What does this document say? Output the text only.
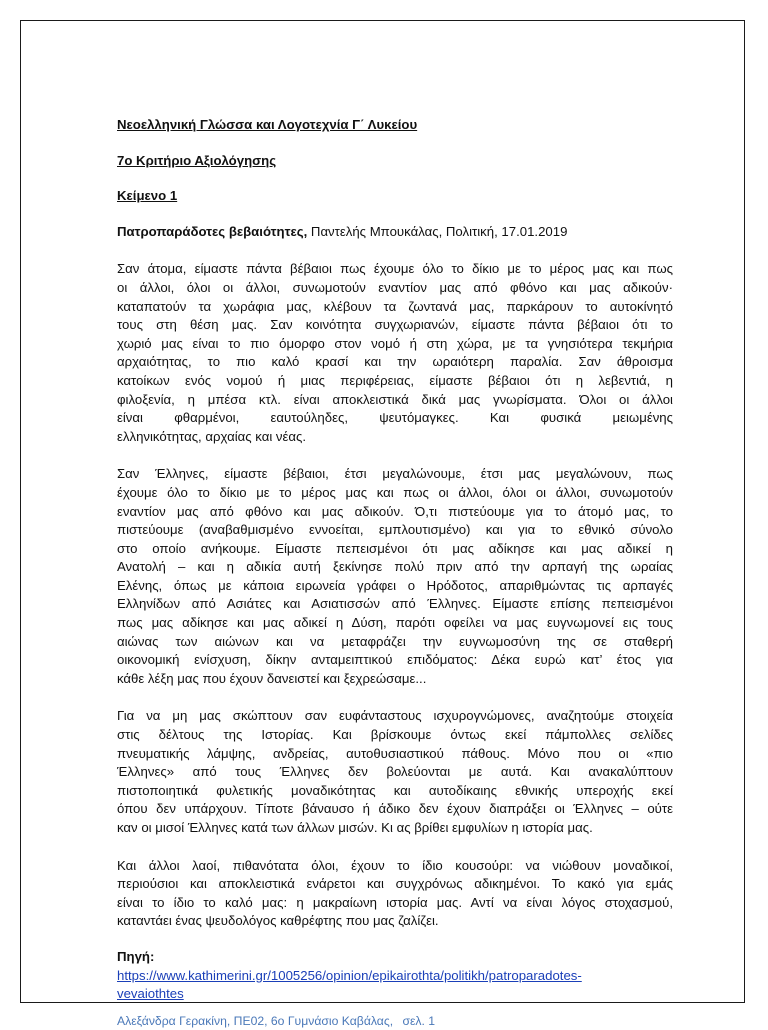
Νεοελληνική Γλώσσα και Λογοτεχνία Γ΄ Λυκείου

7ο Κριτήριο Αξιολόγησης

Κείμενο 1

Πατροπαράδοτες βεβαιότητες, Παντελής Μπουκάλας, Πολιτική, 17.01.2019

Σαν άτομα, είμαστε πάντα βέβαιοι πως έχουμε όλο το δίκιο με το μέρος μας και πως
οι άλλοι, όλοι οι άλλοι, συνωμοτούν εναντίον μας από φθόνο και μας αδικούν·
καταπατούν τα χωράφια μας, κλέβουν τα ζωντανά μας, παρκάρουν το αυτοκίνητό
τους στη θέση μας. Σαν κοινότητα συγχωριανών, είμαστε πάντα βέβαιοι ότι το
χωριό μας είναι το πιο όμορφο στον νομό ή στη χώρα, με τα γνησιότερα τεκμήρια
αρχαιότητας, το πιο καλό κρασί και την ωραιότερη παραλία. Σαν άθροισμα
κατοίκων ενός νομού ή μιας περιφέρειας, είμαστε βέβαιοι ότι η λεβεντιά, η
φιλοξενία, η μπέσα κτλ. είναι αποκλειστικά δικά μας γνωρίσματα. Όλοι οι άλλοι
είναι φθαρμένοι, εαυτούληδες, ψευτόμαγκες. Και φυσικά μειωμένης
ελληνικότητας, αρχαίας και νέας.
Σαν Έλληνες, είμαστε βέβαιοι, έτσι μεγαλώνουμε, έτσι μας μεγαλώνουν, πως
έχουμε όλο το δίκιο με το μέρος μας και πως οι άλλοι, όλοι οι άλλοι, συνωμοτούν
εναντίον μας από φθόνο και μας αδικούν. Ό,τι πιστεύουμε για το άτομό μας, το
πιστεύουμε (αναβαθμισμένο εννοείται, εμπλουτισμένο) και για το εθνικό σύνολο
στο οποίο ανήκουμε. Είμαστε πεπεισμένοι ότι μας αδίκησε και μας αδικεί η
Ανατολή – και η αδικία αυτή ξεκίνησε πολύ πριν από την αρπαγή της ωραίας
Ελένης, όπως με κάποια ειρωνεία γράφει ο Ηρόδοτος, απαριθμώντας τις αρπαγές
Ελληνίδων από Ασιάτες και Ασιατισσών από Έλληνες. Είμαστε επίσης πεπεισμένοι
πως μας αδίκησε και μας αδικεί η Δύση, παρότι οφείλει να μας ευγνωμονεί εις τους
αιώνας των αιώνων και να μεταφράζει την ευγνωμοσύνη της σε σταθερή
οικονομική ενίσχυση, δίκην ανταμειπτικού επιδόματος: Δέκα ευρώ κατ’ έτος για
κάθε λέξη μας που έχουν δανειστεί και ξεχρεώσαμε...
Για να μη μας σκώπτουν σαν ευφάνταστους ισχυρογνώμονες, αναζητούμε στοιχεία
στις δέλτους της Ιστορίας. Και βρίσκουμε όντως εκεί πάμπολλες σελίδες
πνευματικής λάμψης, ανδρείας, αυτοθυσιαστικού πάθους. Μόνο που οι «πιο
Έλληνες» από τους Έλληνες δεν βολεύονται με αυτά. Και ανακαλύπτουν
πιστοποιητικά φυλετικής μοναδικότητας και αυτοδίκαιης εθνικής υπεροχής εκεί
όπου δεν υπάρχουν. Τίποτε βάναυσο ή άδικο δεν έχουν διαπράξει οι Έλληνες – ούτε
καν οι μισοί Έλληνες κατά των άλλων μισών. Κι ας βρίθει εμφυλίων η ιστορία μας.
Και άλλοι λαοί, πιθανότατα όλοι, έχουν το ίδιο κουσούρι: να νιώθουν μοναδικοί,
περιούσιοι και αποκλειστικά ενάρετοι και συγχρόνως αδικημένοι. Το κακό για εμάς
είναι το ίδιο το καλό μας: η μακραίωνη ιστορία μας. Αντί να είναι λόγος στοχασμού,
καταντάει ένας ψευδολόγος καθρέφτης που μας ζαλίζει.
Πηγή:
https://www.kathimerini.gr/1005256/opinion/epikairothta/politikh/patroparadotes-
vevaiothtes
Αλεξάνδρα Γερακίνη, ΠΕ02, 6ο Γυμνάσιο Καβάλας, σελ. 1
